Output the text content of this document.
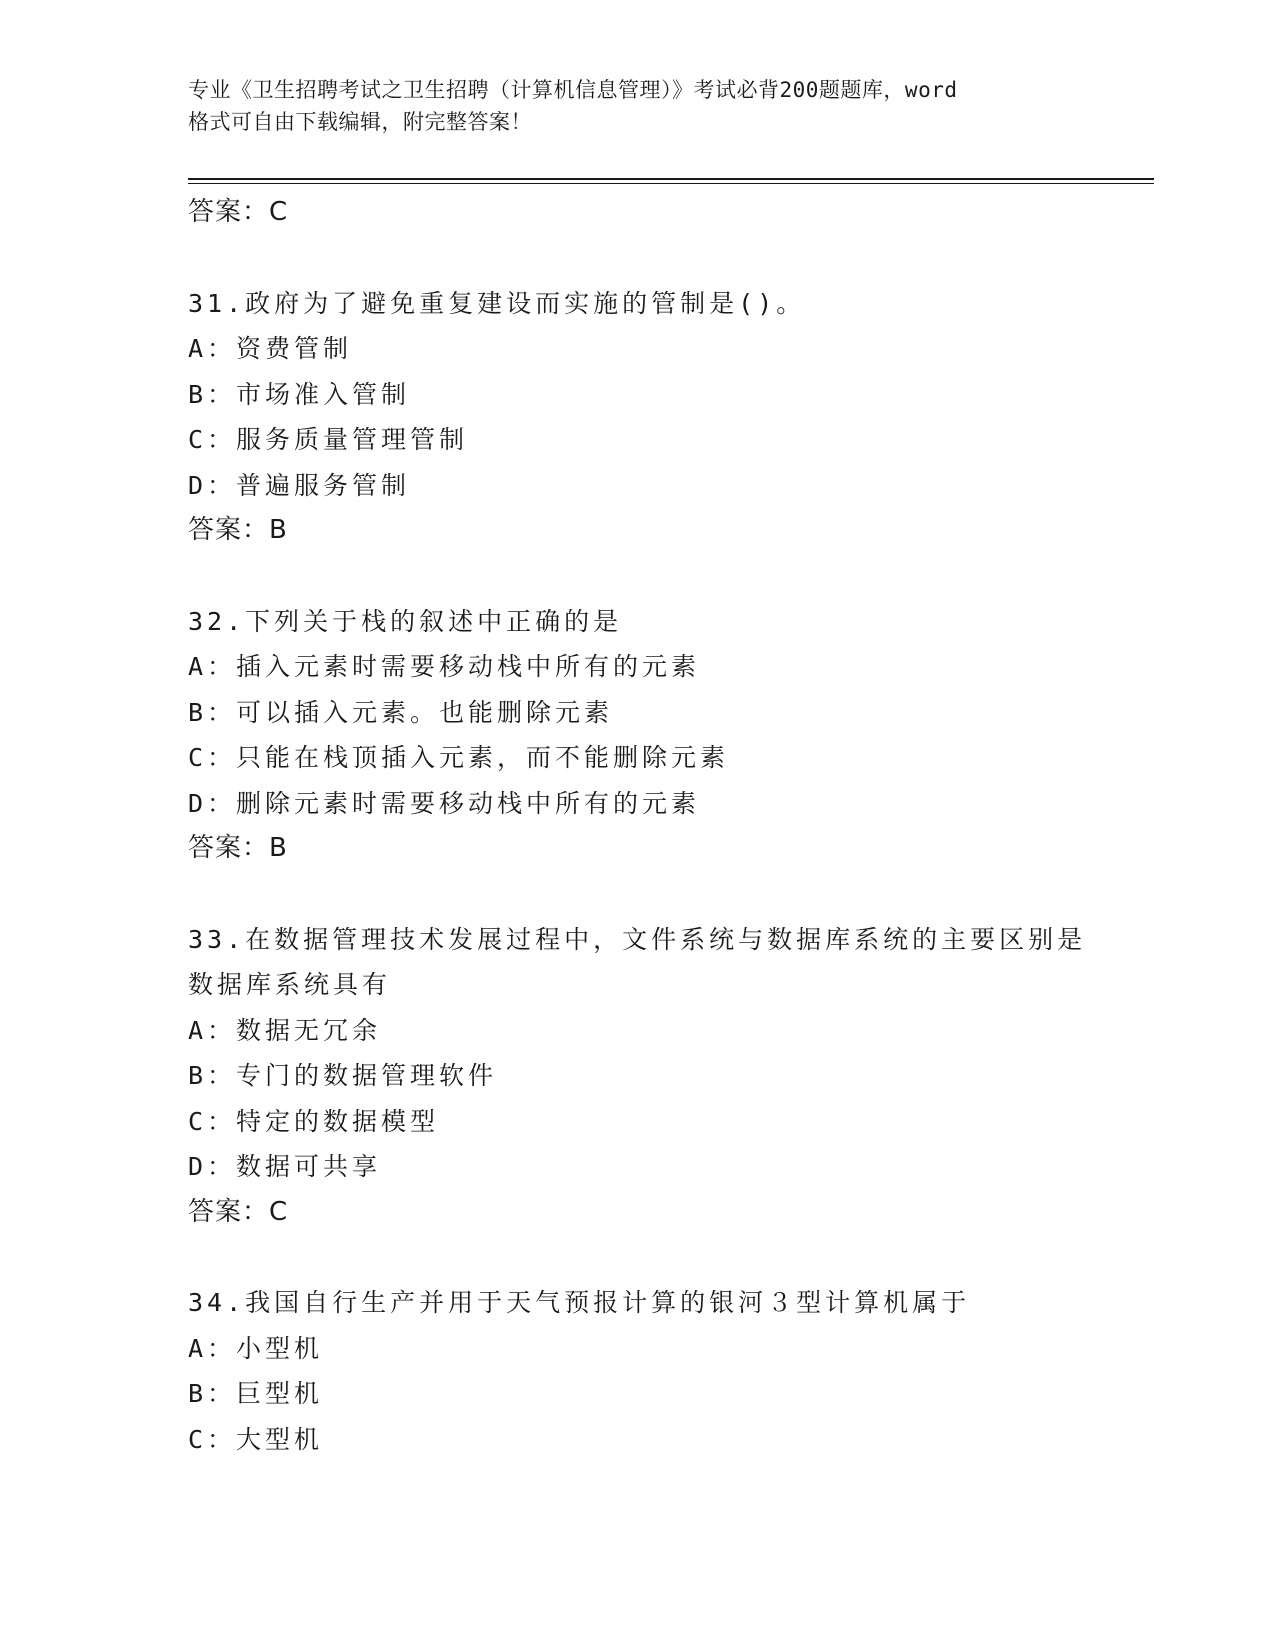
专业《卫生招聘考试之卫生招聘（计算机信息管理）》考试必背200题题库，word
格式可自由下载编辑，附完整答案！
答案：C
31.政府为了避免重复建设而实施的管制是()。
A：资费管制
B：市场准入管制
C：服务质量管理管制
D：普遍服务管制
答案：B
32.下列关于栈的叙述中正确的是
A：插入元素时需要移动栈中所有的元素
B：可以插入元素。也能删除元素
C：只能在栈顶插入元素，而不能删除元素
D：删除元素时需要移动栈中所有的元素
答案：B
33.在数据管理技术发展过程中，文件系统与数据库系统的主要区别是
数据库系统具有
A：数据无冗余
B：专门的数据管理软件
C：特定的数据模型
D：数据可共享
答案：C
34.我国自行生产并用于天气预报计算的银河３型计算机属于
A：小型机
B：巨型机
C：大型机
